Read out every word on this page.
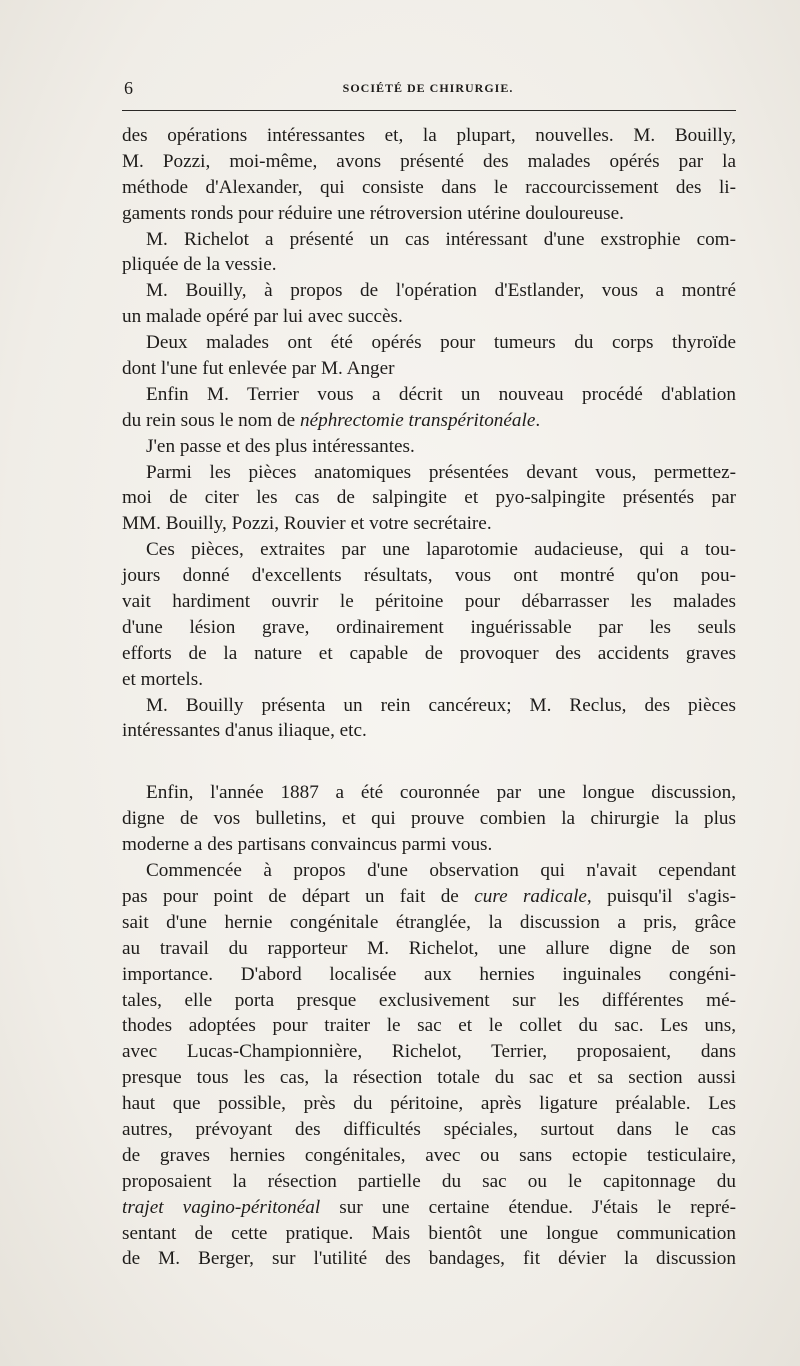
6	SOCIÉTÉ DE CHIRURGIE.
des opérations intéressantes et, la plupart, nouvelles. M. Bouilly,
M. Pozzi, moi-même, avons présenté des malades opérés par la
méthode d'Alexander, qui consiste dans le raccourcissement des li-
gaments ronds pour réduire une rétroversion utérine douloureuse.
M. Richelot a présenté un cas intéressant d'une exstrophie com-
pliquée de la vessie.
M. Bouilly, à propos de l'opération d'Estlander, vous a montré
un malade opéré par lui avec succès.
Deux malades ont été opérés pour tumeurs du corps thyroïde
dont l'une fut enlevée par M. Anger
Enfin M. Terrier vous a décrit un nouveau procédé d'ablation
du rein sous le nom de néphrectomie transpéritonéale.
J'en passe et des plus intéressantes.
Parmi les pièces anatomiques présentées devant vous, permettez-
moi de citer les cas de salpingite et pyo-salpingite présentés par
MM. Bouilly, Pozzi, Rouvier et votre secrétaire.
Ces pièces, extraites par une laparotomie audacieuse, qui a tou-
jours donné d'excellents résultats, vous ont montré qu'on pou-
vait hardiment ouvrir le péritoine pour débarrasser les malades
d'une lésion grave, ordinairement inguérissable par les seuls
efforts de la nature et capable de provoquer des accidents graves
et mortels.
M. Bouilly présenta un rein cancéreux; M. Reclus, des pièces
intéressantes d'anus iliaque, etc.
Enfin, l'année 1887 a été couronnée par une longue discussion,
digne de vos bulletins, et qui prouve combien la chirurgie la plus
moderne a des partisans convaincus parmi vous.
Commencée à propos d'une observation qui n'avait cependant
pas pour point de départ un fait de cure radicale, puisqu'il s'agis-
sait d'une hernie congénitale étranglée, la discussion a pris, grâce
au travail du rapporteur M. Richelot, une allure digne de son
importance. D'abord localisée aux hernies inguinales congéni-
tales, elle porta presque exclusivement sur les différentes mé-
thodes adoptées pour traiter le sac et le collet du sac. Les uns,
avec Lucas-Championnière, Richelot, Terrier, proposaient, dans
presque tous les cas, la résection totale du sac et sa section aussi
haut que possible, près du péritoine, après ligature préalable. Les
autres, prévoyant des difficultés spéciales, surtout dans le cas
de graves hernies congénitales, avec ou sans ectopie testiculaire,
proposaient la résection partielle du sac ou le capitonnage du
trajet vagino-péritonéal sur une certaine étendue. J'étais le repré-
sentant de cette pratique. Mais bientôt une longue communication
de M. Berger, sur l'utilité des bandages, fit dévier la discussion
